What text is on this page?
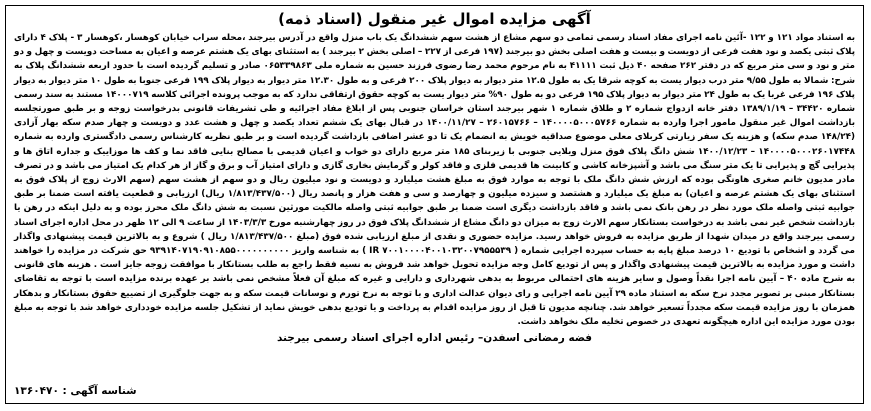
آگهی مزایده اموال غیر منقول (اسناد ذمه)

به استناد مواد ۱۲۱ و ۱۲۲ -آئین نامه اجرای مفاد اسناد رسمی تمامی دو سهم مشاع از هشت سهم ششدانگ یک باب منزل واقع در آدرس بیرجند ،محله سراب خیابان کوهسار ،کوهسار ۳ - پلاک ۴ دارای پلاک ثبتی یکصد و نود هفت فرعی از دویست و بیست و هفت اصلی بخش دو بیرجند (۱۹۷ فرعی از ۲۲۷ – اصلی بخش ۲ بیرجند ) به استثنای بهای یک هشتم عرصه و اعیان به مساحت دویست و چهل و دو متر و نود و سی متر مربع که در دفتر ۲۶۲ صفحه ۴۰ ذیل ثبت ۴۱۱۱۱ به نام مرحوم محمد رضا رضوی فرزند حسین به شماره ملی ۰۶۵۳۳۹۸۶۳ صادر و تسلیم گردیده است با حدود اربعه ششدانگ پلاک به شرح: شمالا به طول ۹/۵۵ متر درب دیوار یست به کوچه شرقا یک به طول ۱۲.۵ متر دیوار به دیوار پلاک ۲۰۰ فرعی و به طول ۱۲.۳۰ متر دیوار به دیوار پلاک ۱۹۹ فرعی جنوبا به طول ۱۰ متر دیوار به دیوار پلاک ۱۹۶ فرعی غربا یک به طول ۲۴ متر دیوار به دیوار پلاک ۱۹۵ فرعی دو به طول ۹۰% متر دیوار یست به کوچه حقوق ارتفاقی ندارد که به موجب پرونده اجرائی کلاسه ۱۴۰۰۰۷۱۹ مستند به سند رسمی شماره ۳۴۴۲۰ – ۱۳۸۹/۱/۱۹ دفتر خانه ازدواج شماره ۲ و طلاق شماره ۱ شهر بیرجند استان خراسان جنوبی پس از ابلاغ مفاد اجرائیه و طی تشریفات قانونی بدرخواست زوجه و بر طبق صورتجلسه بازداشت اموال غیر منقول مامور اجرا وارده به شماره ۱۴۰۰۰۰۵۰۰۰۵۷۶۶ – ۲۶۰۱۵۷۶۶ – ۱۴۰۰/۱۱/۲۷ در قبال بهای یک ششم تعداد یکصد و چهل و هشت عدد و دویست و چهار صدم سکه بهار آزادی (۱۴۸/۲۴ صدم سکه) و هزینه یک سفر زیارتی کربلای معلی موضوع صداقیه خویش به انضمام یک تا دو عشر اضافی بازداشت گردیده است و بر طبق نظریه کارشناس رسمی دادگستری وارده به شماره ۱۴۰۰۰۰۵۰۰۰۲۶۰۱۷۴۴۸ – ۱۴۰۰/۱۲/۲۳ شش دانگ پلاک فوق منزل ویلایی جنوبی با زیربنای ۱۸۵ متر مربع دارای دو خواب و اعیان قدیمی با مصالح بنایی فاقد نما و کف ها موزاییک و جداره اتاق ها و پذیرایی گچ و پذیرایی تا یک متر سنگ می باشد و آشپزخانه کاشی و کابینت ها قدیمی فلزی و فاقد کولر و گرمایش بخاری گازی و دارای امتیاز آب و برق و گاز از هر کدام یک امتیاز می باشد و در تصرف مادر مدیون خانم صغری هاونگی بوده که ارزش شش دانگ ملک با توجه به موارد فوق به مبلغ هشت میلیارد و دویست و نود میلیون ریال و دو سهم از هشت سهم (سهم الارث زوج از پلاک فوق به استثنای بهای یک هشتم عرصه و اعیان) به مبلغ یک میلیارد و هشتصد و سیزده میلیون و چهارصد و سی و هفت هزار و پانصد ریال (۱/۸۱۳/۴۳۷/۵۰۰ ریال) ارزیابی و قطعیت یافته است ضمنا بر طبق جوابیه ثبتی واصله ملک مورد نظر در رهن بانک نمی باشد و فاقد بازداشت دیگری است ضمنا بر طبق جوابیه ثبتی واصله مالکیت مورثین نسبت به شش دانگ ملک محرز بوده و به دلیل اینکه در رهن یا بازداشت شخص غیر نمی باشد به درخواست بستانکار سهم الارث زوج به میزان دو دانگ مشاع از ششدانگ پلاک فوق در روز چهارشنبه مورخ ۱۴۰۳/۳/۳ از ساعت ۹ الی ۱۲ ظهر در محل اداره اجرای اسناد رسمی بیرجند واقع در میدان شهدا از طریق مزایده به فروش خواهد رسید. مزایده حضوری و نقدی از مبلغ ارزیابی شده فوق (مبلغ ۱/۸۱۳/۴۳۷/۵۰۰ ریال ) شروع و به بالاترین قیمت پیشنهادی واگذار می گردد و اشخاص با تودیع ۱۰ درصد مبلغ پایه به حساب سپرده اجرایی شماره ( IR ۷۰۰۱۰۰۰۰۴۰۰۱۰۳۲۰۰۷۹۵۵۵۳۹ ) به شناسه واریز ۹۳۹۱۴۰۷۱۹۰۹۱۰۸۵۵۰۰۰۰۰۰۰۰۰۰ حق شرکت در مزایده را خواهند داشت و مورد مزایده به بالاترین قیمت پیشنهادی واگذار و پس از تودیع کامل وجه مزایده تحویل خواهد شد فروش به نسیه فقط راجع به طلب بستانکار با موافقت زوجه جایز است . هزینه های قانونی به شرح ماده ۴۰ – آیین نامه اجرا نقداً وصول و سایر هزینه های احتمالی مربوط به بدهی شهرداری و دارایی و غیره که مبلغ آن فعلاً مشخص نمی باشد بر عهده برنده مزایده است با توجه به تقاضای بستانکار مبنی بر تصویر مجدد نرخ سکه به استناد ماده ۲۹ آیین نامه اجرایی و رای دیوان عدالت اداری و با توجه به نرخ تورم و نوسانات قیمت سکه و به جهت جلوگیری از تضییع حقوق بستانکار و بدهکار همزمان با روز مزایده قیمت سکه مجدداً تسعیر خواهد شد. چنانچه مدیون تا قبل از روز مزایده اقدام به پرداخت و یا تودیع بدهی خویش نماید از تشکیل جلسه مزایده خودداری خواهد شد با توجه به مبلغ بودن مورد مزایده این اداره هیچگونه تعهدی در خصوص تخلیه ملک نخواهد داشت.

فضه رمضانی اسفدن– رئیس اداره اجرای اسناد رسمی بیرجند
شناسه آگهی : ۱۳۶۰۴۷۰
